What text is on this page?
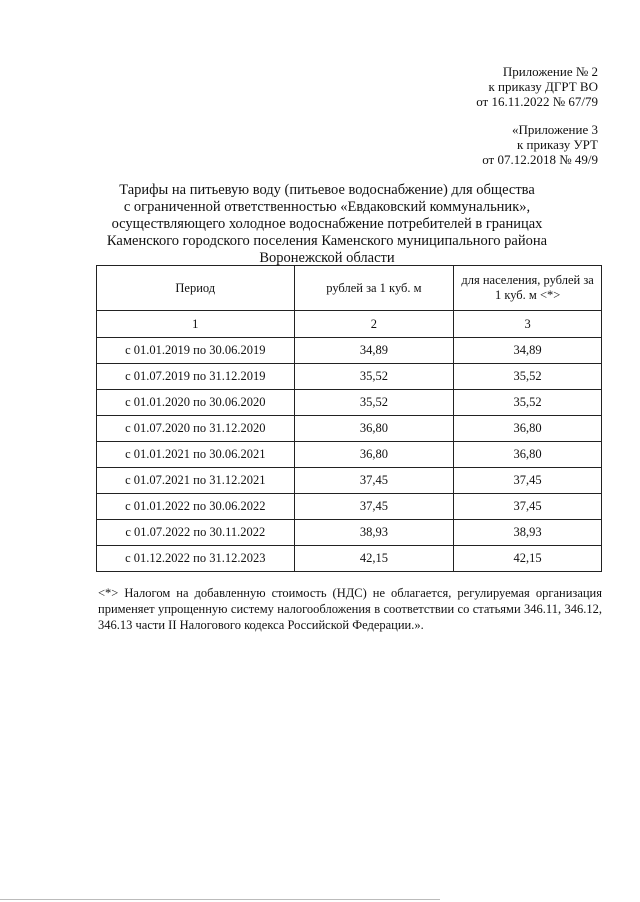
Приложение № 2
к приказу ДГРТ ВО
от 16.11.2022 № 67/79
«Приложение 3
к приказу УРТ
от 07.12.2018 № 49/9
Тарифы на питьевую воду (питьевое водоснабжение) для общества
с ограниченной ответственностью «Евдаковский коммунальник»,
осуществляющего холодное водоснабжение потребителей в границах
Каменского городского поселения Каменского муниципального района
Воронежской области
Период	рублей за 1 куб. м	для населения, рублей за 1 куб. м <*>
1	2	3
с 01.01.2019 по 30.06.2019	34,89	34,89
с 01.07.2019 по 31.12.2019	35,52	35,52
с 01.01.2020 по 30.06.2020	35,52	35,52
с 01.07.2020 по 31.12.2020	36,80	36,80
с 01.01.2021 по 30.06.2021	36,80	36,80
с 01.07.2021 по 31.12.2021	37,45	37,45
с 01.01.2022 по 30.06.2022	37,45	37,45
с 01.07.2022 по 30.11.2022	38,93	38,93
с 01.12.2022 по 31.12.2023	42,15	42,15
<*> Налогом на добавленную стоимость (НДС) не облагается, регулируемая организация применяет упрощенную систему налогообложения в соответствии со статьями 346.11, 346.12, 346.13 части II Налогового кодекса Российской Федерации.».
